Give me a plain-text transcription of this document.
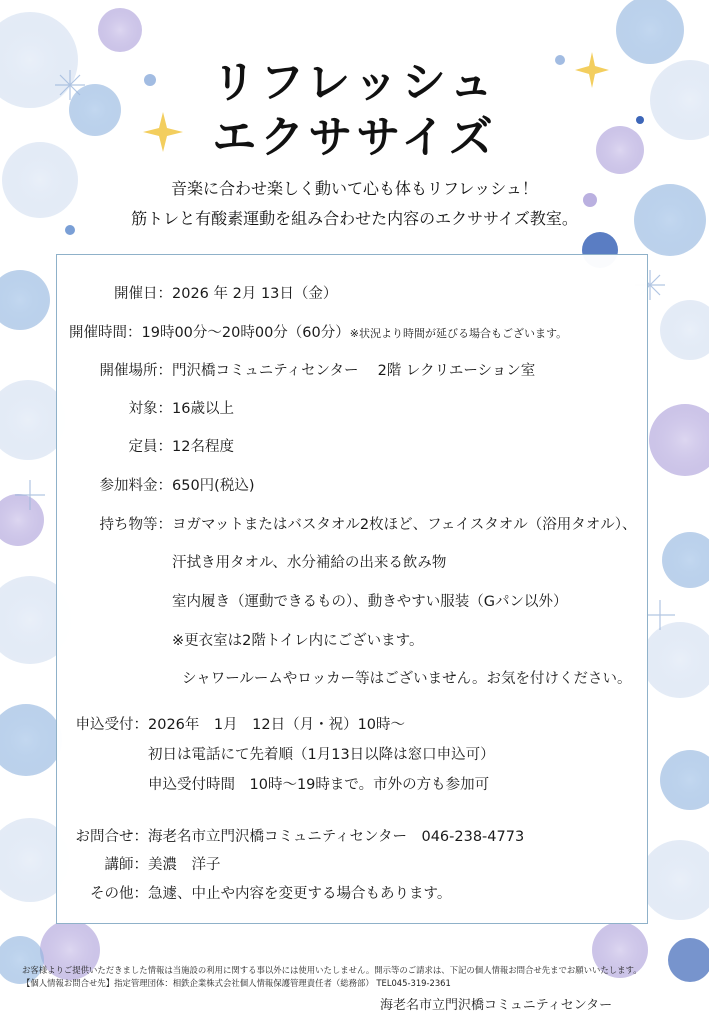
リフレッシュ
エクササイズ
音楽に合わせ楽しく動いて心も体もリフレッシュ！
筋トレと有酸素運動を組み合わせた内容のエクササイズ教室。
開催日：2026 年 2月 13日（金）
開催時間：19時00分～20時00分（60分）※状況より時間が延びる場合もございます。
開催場所：門沢橋コミュニティセンター　 2階 レクリエーション室
対象：16歳以上
定員：12名程度
参加料金：650円(税込)
持ち物等：ヨガマットまたはバスタオル2枚ほど、フェイスタオル（浴用タオル）、
汗拭き用タオル、水分補給の出来る飲み物
室内履き（運動できるもの）、動きやすい服装（Gパン以外）
※更衣室は2階トイレ内にございます。
シャワールームやロッカー等はございません。お気を付けください。
申込受付：2026年　1月　12日（月・祝）10時～
初日は電話にて先着順（1月13日以降は窓口申込可）
申込受付時間　10時～19時まで。市外の方も参加可
お問合せ：海老名市立門沢橋コミュニティセンター　046-238-4773
講師：美濃　洋子
その他：急遽、中止や内容を変更する場合もあります。
お客様よりご提供いただきました情報は当施設の利用に関する事以外には使用いたしません。開示等のご請求は、下記の個人情報お問合せ先までお願いいたします。
【個人情報お問合せ先】指定管理団体：相鉄企業株式会社個人情報保護管理責任者（総務部） TEL045-319-2361
海老名市立門沢橋コミュニティセンター
